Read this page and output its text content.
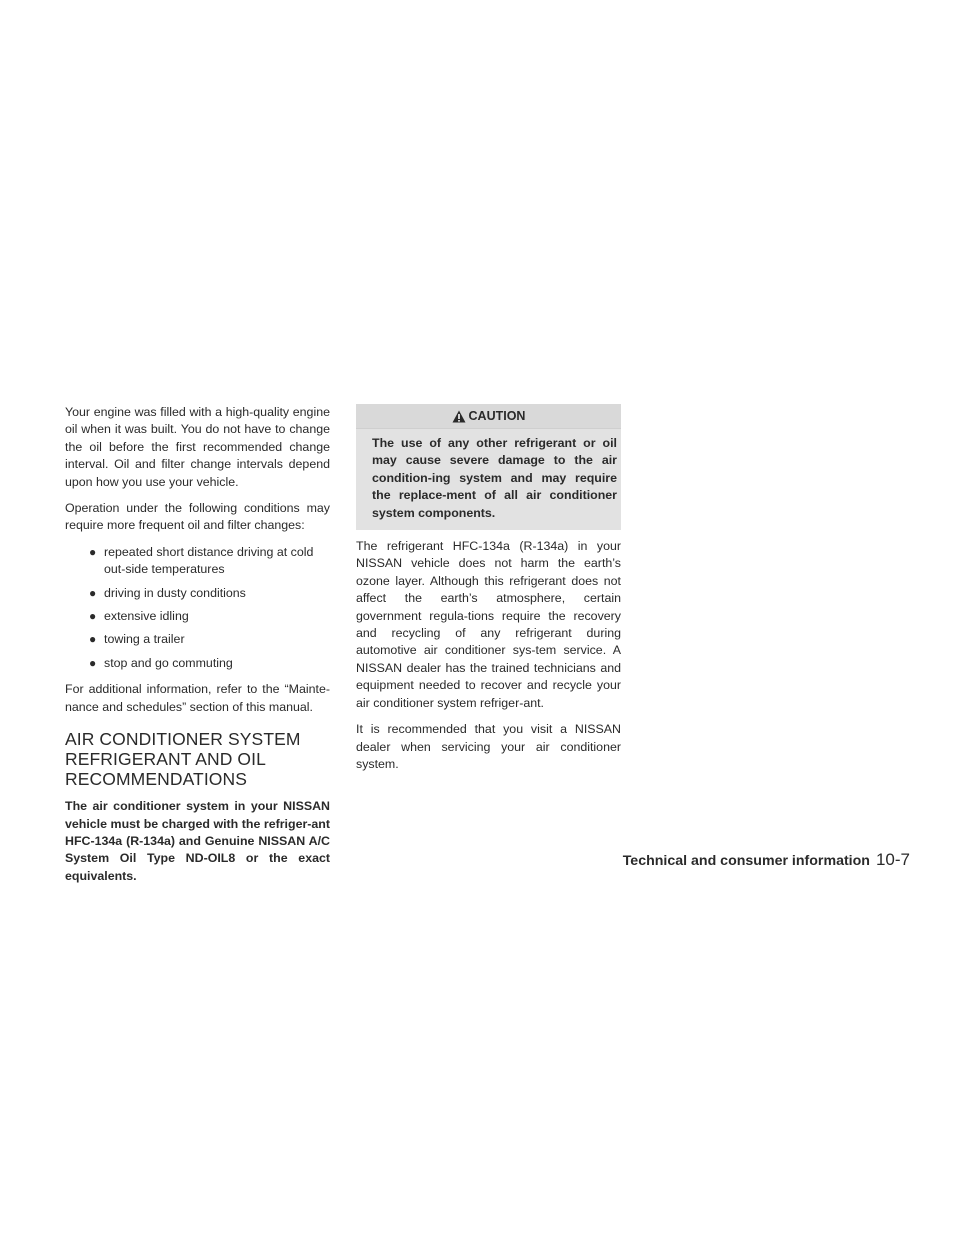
Your engine was filled with a high-quality engine oil when it was built. You do not have to change the oil before the first recommended change interval. Oil and filter change intervals depend upon how you use your vehicle.

Operation under the following conditions may require more frequent oil and filter changes:

● repeated short distance driving at cold out-side temperatures
● driving in dusty conditions
● extensive idling
● towing a trailer
● stop and go commuting

For additional information, refer to the “Mainte-nance and schedules” section of this manual.

AIR CONDITIONER SYSTEM REFRIGERANT AND OIL RECOMMENDATIONS
The air conditioner system in your NISSAN vehicle must be charged with the refriger-ant HFC-134a (R-134a) and Genuine NISSAN A/C System Oil Type ND-OIL8 or the exact equivalents.
CAUTION
The use of any other refrigerant or oil may cause severe damage to the air condition-ing system and may require the replace-ment of all air conditioner system components.

The refrigerant HFC-134a (R-134a) in your NISSAN vehicle does not harm the earth’s ozone layer. Although this refrigerant does not affect the earth’s atmosphere, certain government regula-tions require the recovery and recycling of any refrigerant during automotive air conditioner sys-tem service. A NISSAN dealer has the trained technicians and equipment needed to recover and recycle your air conditioner system refriger-ant.

It is recommended that you visit a NISSAN dealer when servicing your air conditioner system.

Technical and consumer information 10-7
